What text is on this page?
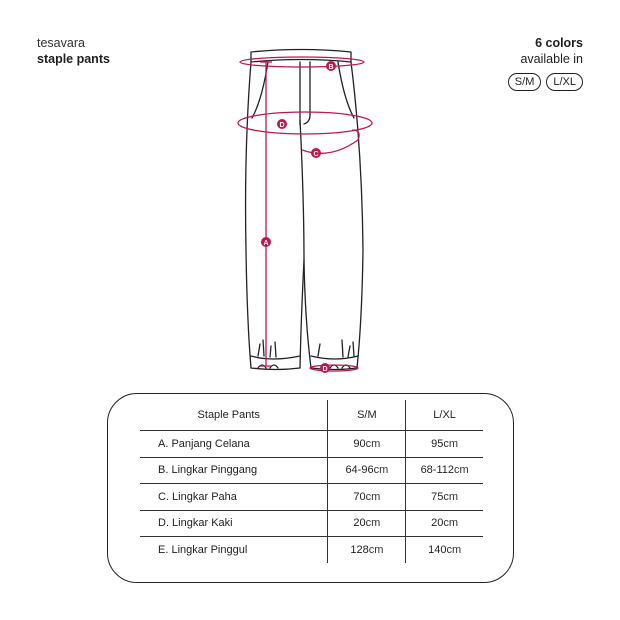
tesavara
staple pants
6 colors
available in
S/M	L/XL
A
B
C
D
D
Staple Pants	S/M	L/XL
A. Panjang Celana	90 cm	95 cm
B. Lingkar Pinggang	64-96 cm	68-112 cm
C. Lingkar Paha	70 cm	75 cm
D. Lingkar Kaki	20 cm	20 cm
E. Lingkar Pinggul	128 cm	140 cm
